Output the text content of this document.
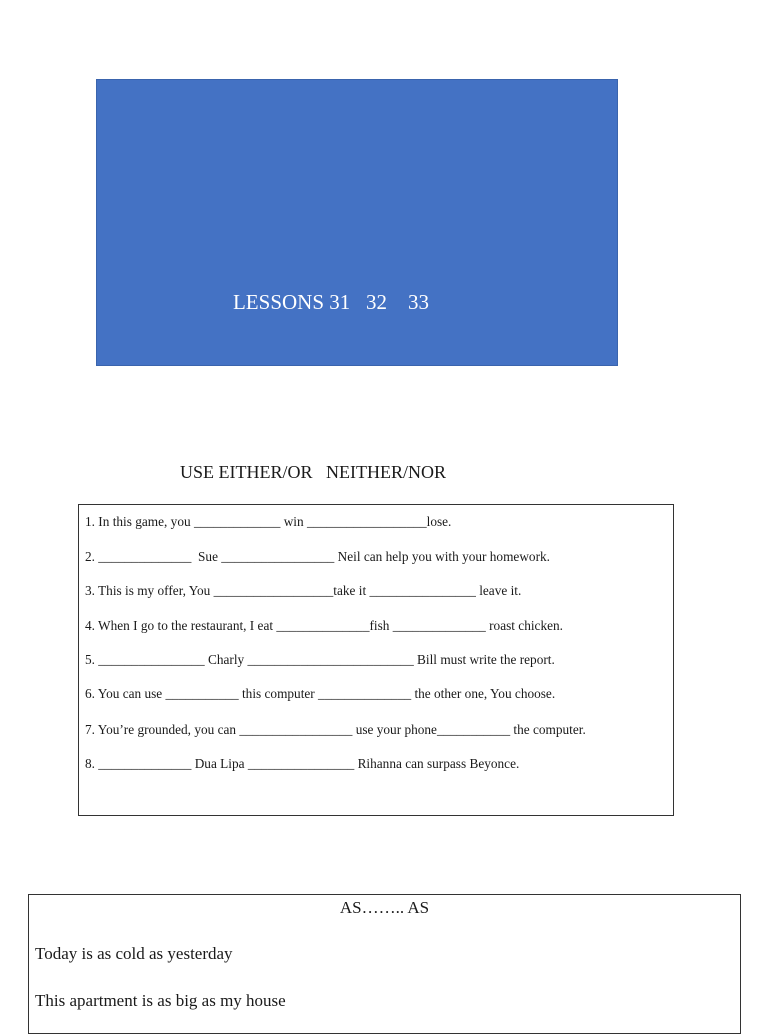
LESSONS 31   32    33
USE EITHER/OR   NEITHER/NOR
1. In this game, you _____________ win __________________lose.
2. ______________  Sue _________________ Neil can help you with your homework.
3. This is my offer, You __________________take it ________________ leave it.
4. When I go to the restaurant, I eat ______________fish ______________ roast chicken.
5. ________________ Charly _________________________ Bill must write the report.
6. You can use ___________ this computer ______________ the other one, You choose.
7. You’re grounded, you can _________________ use your phone___________ the computer.
8. ______________ Dua Lipa ________________ Rihanna can surpass Beyonce.
AS…….. AS
Today is as cold as yesterday
This apartment is as big as my house
